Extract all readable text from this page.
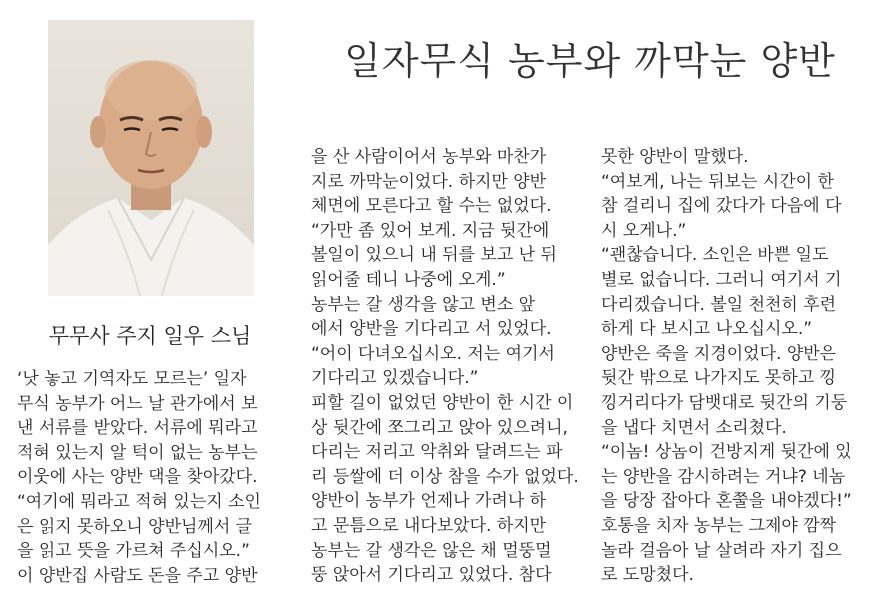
무무사 주지 일우 스님
일자무식 농부와 까막눈 양반
‘낫 놓고 기역자도 모르는’ 일자
무식 농부가 어느 날 관가에서 보
낸 서류를 받았다. 서류에 뭐라고
적혀 있는지 알 턱이 없는 농부는
이웃에 사는 양반 댁을 찾아갔다.
“여기에 뭐라고 적혀 있는지 소인
은 읽지 못하오니 양반님께서 글
을 읽고 뜻을 가르쳐 주십시오.”
이 양반집 사람도 돈을 주고 양반
을 산 사람이어서 농부와 마찬가
지로 까막눈이었다. 하지만 양반
체면에 모른다고 할 수는 없었다.
“가만 좀 있어 보게. 지금 뒷간에
볼일이 있으니 내 뒤를 보고 난 뒤
읽어줄 테니 나중에 오게.”
농부는 갈 생각을 않고 변소 앞
에서 양반을 기다리고 서 있었다.
“어이 다녀오십시오. 저는 여기서
기다리고 있겠습니다.”
피할 길이 없었던 양반이 한 시간 이
상 뒷간에 쪼그리고 앉아 있으려니,
다리는 저리고 악취와 달려드는 파
리 등쌀에 더 이상 참을 수가 없었다.
양반이 농부가 언제나 가려나 하
고 문틈으로 내다보았다. 하지만
농부는 갈 생각은 않은 채 멀뚱멀
뚱 앉아서 기다리고 있었다. 참다
못한 양반이 말했다.
“여보게, 나는 뒤보는 시간이 한
참 걸리니 집에 갔다가 다음에 다
시 오게나.”
“괜찮습니다. 소인은 바쁜 일도
별로 없습니다. 그러니 여기서 기
다리겠습니다. 볼일 천천히 후련
하게 다 보시고 나오십시오.”
양반은 죽을 지경이었다. 양반은
뒷간 밖으로 나가지도 못하고 낑
낑거리다가 담뱃대로 뒷간의 기둥
을 냅다 치면서 소리쳤다.
“이놈! 상놈이 건방지게 뒷간에 있
는 양반을 감시하려는 거냐? 네놈
을 당장 잡아다 혼쭐을 내야겠다!”
호통을 치자 농부는 그제야 깜짝
놀라 걸음아 날 살려라 자기 집으
로 도망쳤다.
